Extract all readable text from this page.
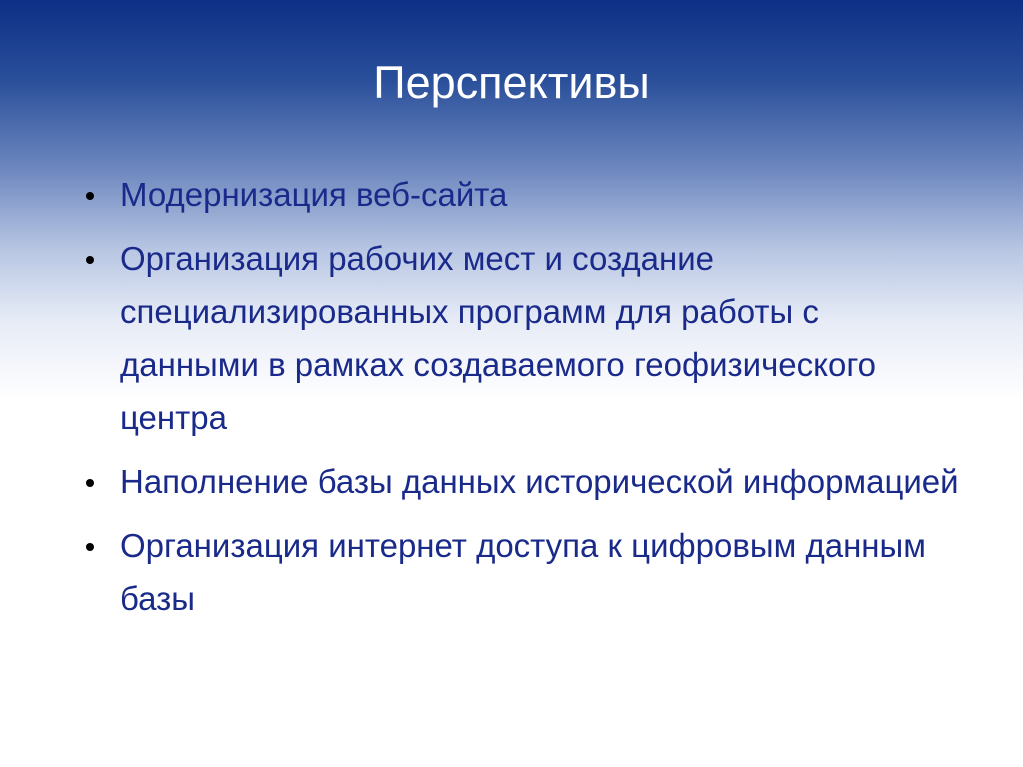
Перспективы
Модернизация веб-сайта
Организация рабочих мест и создание специализированных программ для работы с данными в рамках создаваемого геофизического центра
Наполнение базы данных исторической информацией
Организация интернет доступа к цифровым данным базы
